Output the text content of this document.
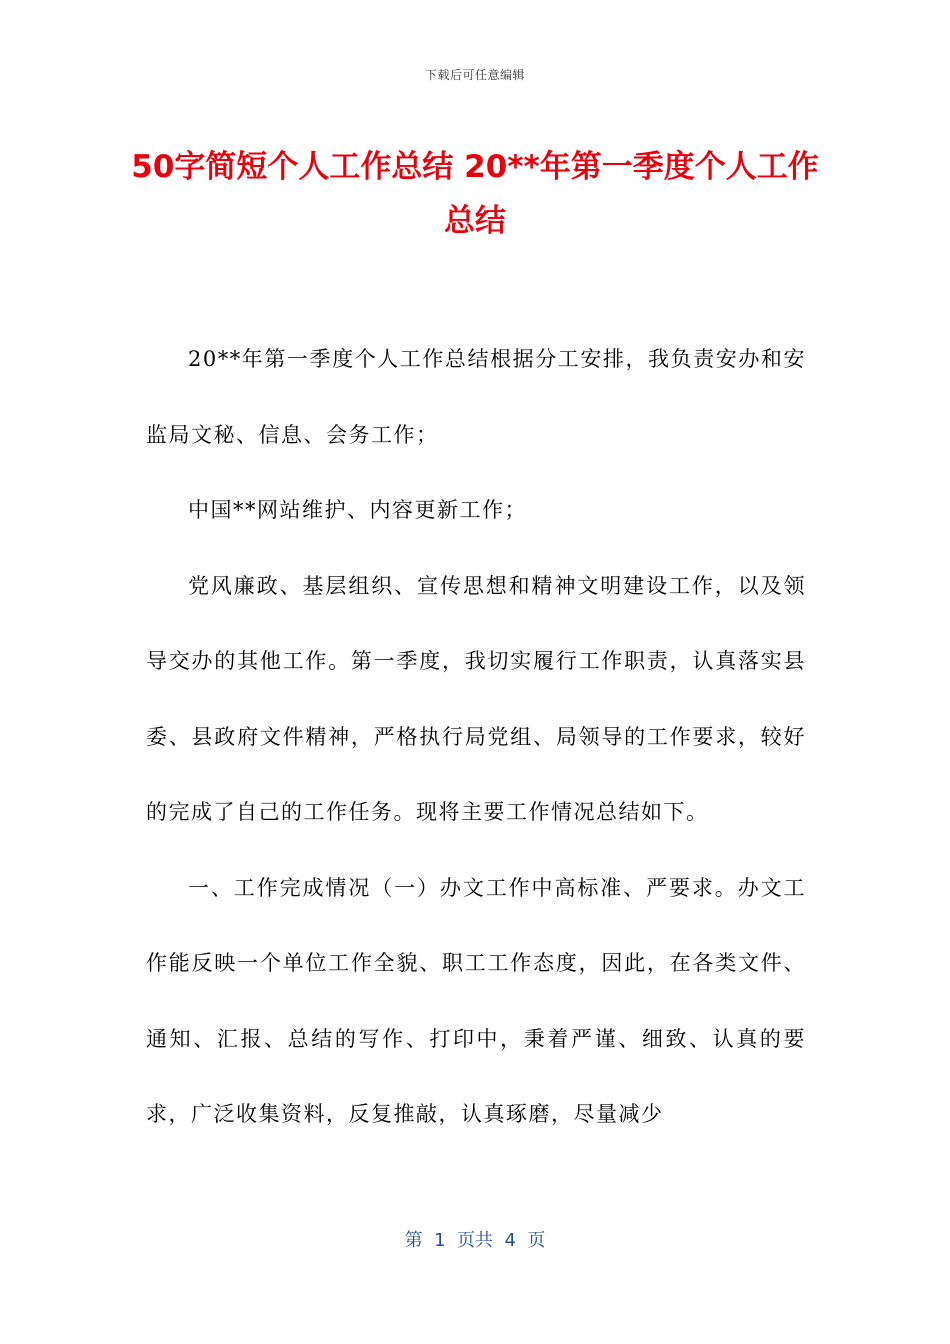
下载后可任意编辑
50字简短个人工作总结 20**年第一季度个人工作总结

20**年第一季度个人工作总结根据分工安排，我负责安办和安监局文秘、信息、会务工作；

中国**网站维护、内容更新工作；

党风廉政、基层组织、宣传思想和精神文明建设工作，以及领导交办的其他工作。第一季度，我切实履行工作职责，认真落实县委、县政府文件精神，严格执行局党组、局领导的工作要求，较好的完成了自己的工作任务。现将主要工作情况总结如下。

一、工作完成情况（一）办文工作中高标准、严要求。办文工作能反映一个单位工作全貌、职工工作态度，因此，在各类文件、通知、汇报、总结的写作、打印中，秉着严谨、细致、认真的要求，广泛收集资料，反复推敲，认真琢磨，尽量减少

第  1  页共  4  页
